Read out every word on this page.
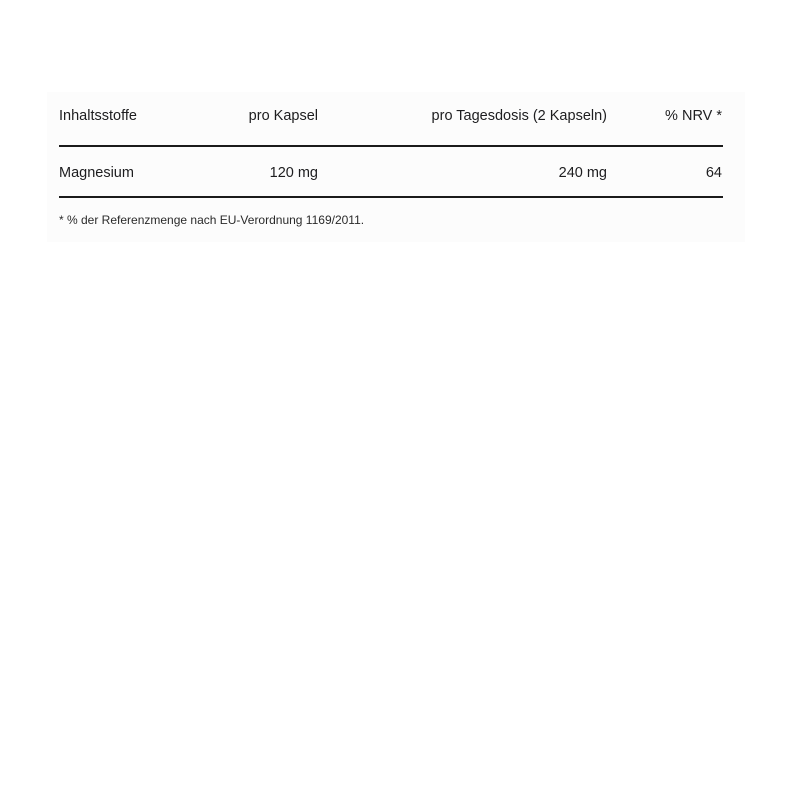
Inhaltsstoffe	pro Kapsel	pro Tagesdosis (2 Kapseln)	% NRV *
Magnesium	120 mg	240 mg	64
* % der Referenzmenge nach EU-Verordnung 1169/2011.
